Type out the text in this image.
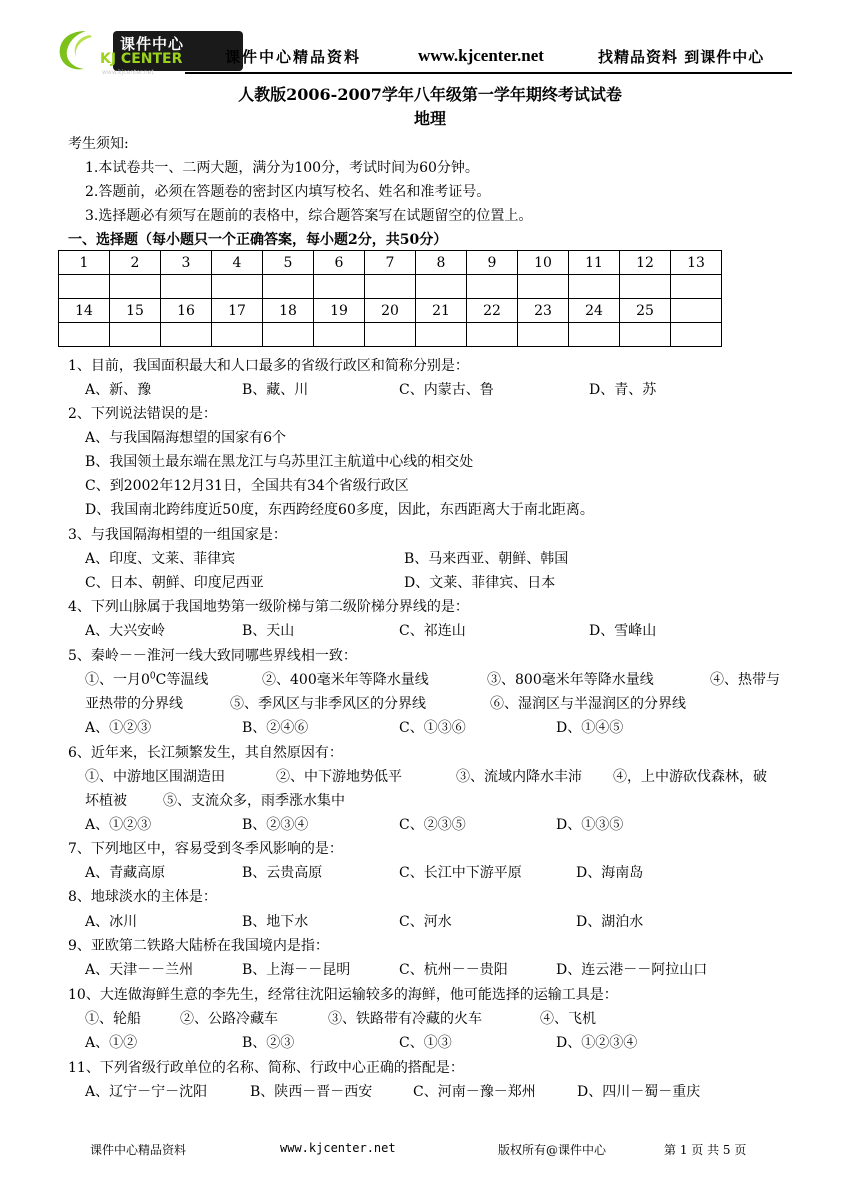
课件中心
KJ CENTER
www.kjcenter.net
课件中心精品资料	www.kjcenter.net	找精品资料 到课件中心
人教版2006-2007学年八年级第一学年期终考试试卷
地理
考生须知:
1.本试卷共一、二两大题，满分为100分，考试时间为60分钟。
2.答题前，必须在答题卷的密封区内填写校名、姓名和准考证号。
3.选择题必有须写在题前的表格中，综合题答案写在试题留空的位置上。
一、选择题（每小题只一个正确答案，每小题2分，共50分）
1	2	3	4	5	6	7	8	9	10	11	12	13

14	15	16	17	18	19	20	21	22	23	24	25	

1、目前，我国面积最大和人口最多的省级行政区和简称分别是：
A、新、豫	B、藏、川	C、内蒙古、鲁	D、青、苏
2、下列说法错误的是：
A、与我国隔海想望的国家有6个
B、我国领土最东端在黑龙江与乌苏里江主航道中心线的相交处
C、到2002年12月31日，全国共有34个省级行政区
D、我国南北跨纬度近50度，东西跨经度60多度，因此，东西距离大于南北距离。
3、与我国隔海相望的一组国家是：
A、印度、文莱、菲律宾	B、马来西亚、朝鲜、韩国
C、日本、朝鲜、印度尼西亚	D、文莱、菲律宾、日本
4、下列山脉属于我国地势第一级阶梯与第二级阶梯分界线的是：
A、大兴安岭	B、天山	C、祁连山	D、雪峰山
5、秦岭－－淮河一线大致同哪些界线相一致：
①、一月$0^0C$等温线	②、400毫米年等降水量线	③、800毫米年等降水量线	④、热带与
亚热带的分界线	⑤、季风区与非季风区的分界线	⑥、湿润区与半湿润区的分界线
A、①②③	B、②④⑥	C、①③⑥	D、①④⑤
6、近年来，长江频繁发生，其自然原因有：
①、中游地区围湖造田	②、中下游地势低平	③、流域内降水丰沛 ④，上中游砍伐森林，破
坏植被	⑤、支流众多，雨季涨水集中
A、①②③	B、②③④	C、②③⑤	D、①③⑤
7、下列地区中，容易受到冬季风影响的是：
A、青藏高原	B、云贵高原	C、长江中下游平原	D、海南岛
8、地球淡水的主体是：
A、冰川	B、地下水	C、河水	D、湖泊水
9、亚欧第二铁路大陆桥在我国境内是指：
A、天津－－兰州	B、上海－－昆明	C、杭州－－贵阳	D、连云港－－阿拉山口
10、大连做海鲜生意的李先生，经常往沈阳运输较多的海鲜，他可能选择的运输工具是：
①、轮船	②、公路冷藏车	③、铁路带有冷藏的火车	④、飞机
A、①②	B、②③	C、①③	D、①②③④
11、下列省级行政单位的名称、简称、行政中心正确的搭配是：
A、辽宁－宁－沈阳	B、陕西－晋－西安	C、河南－豫－郑州	D、四川－蜀－重庆
课件中心精品资料	www.kjcenter.net	版权所有@课件中心	第 1 页 共 5 页
